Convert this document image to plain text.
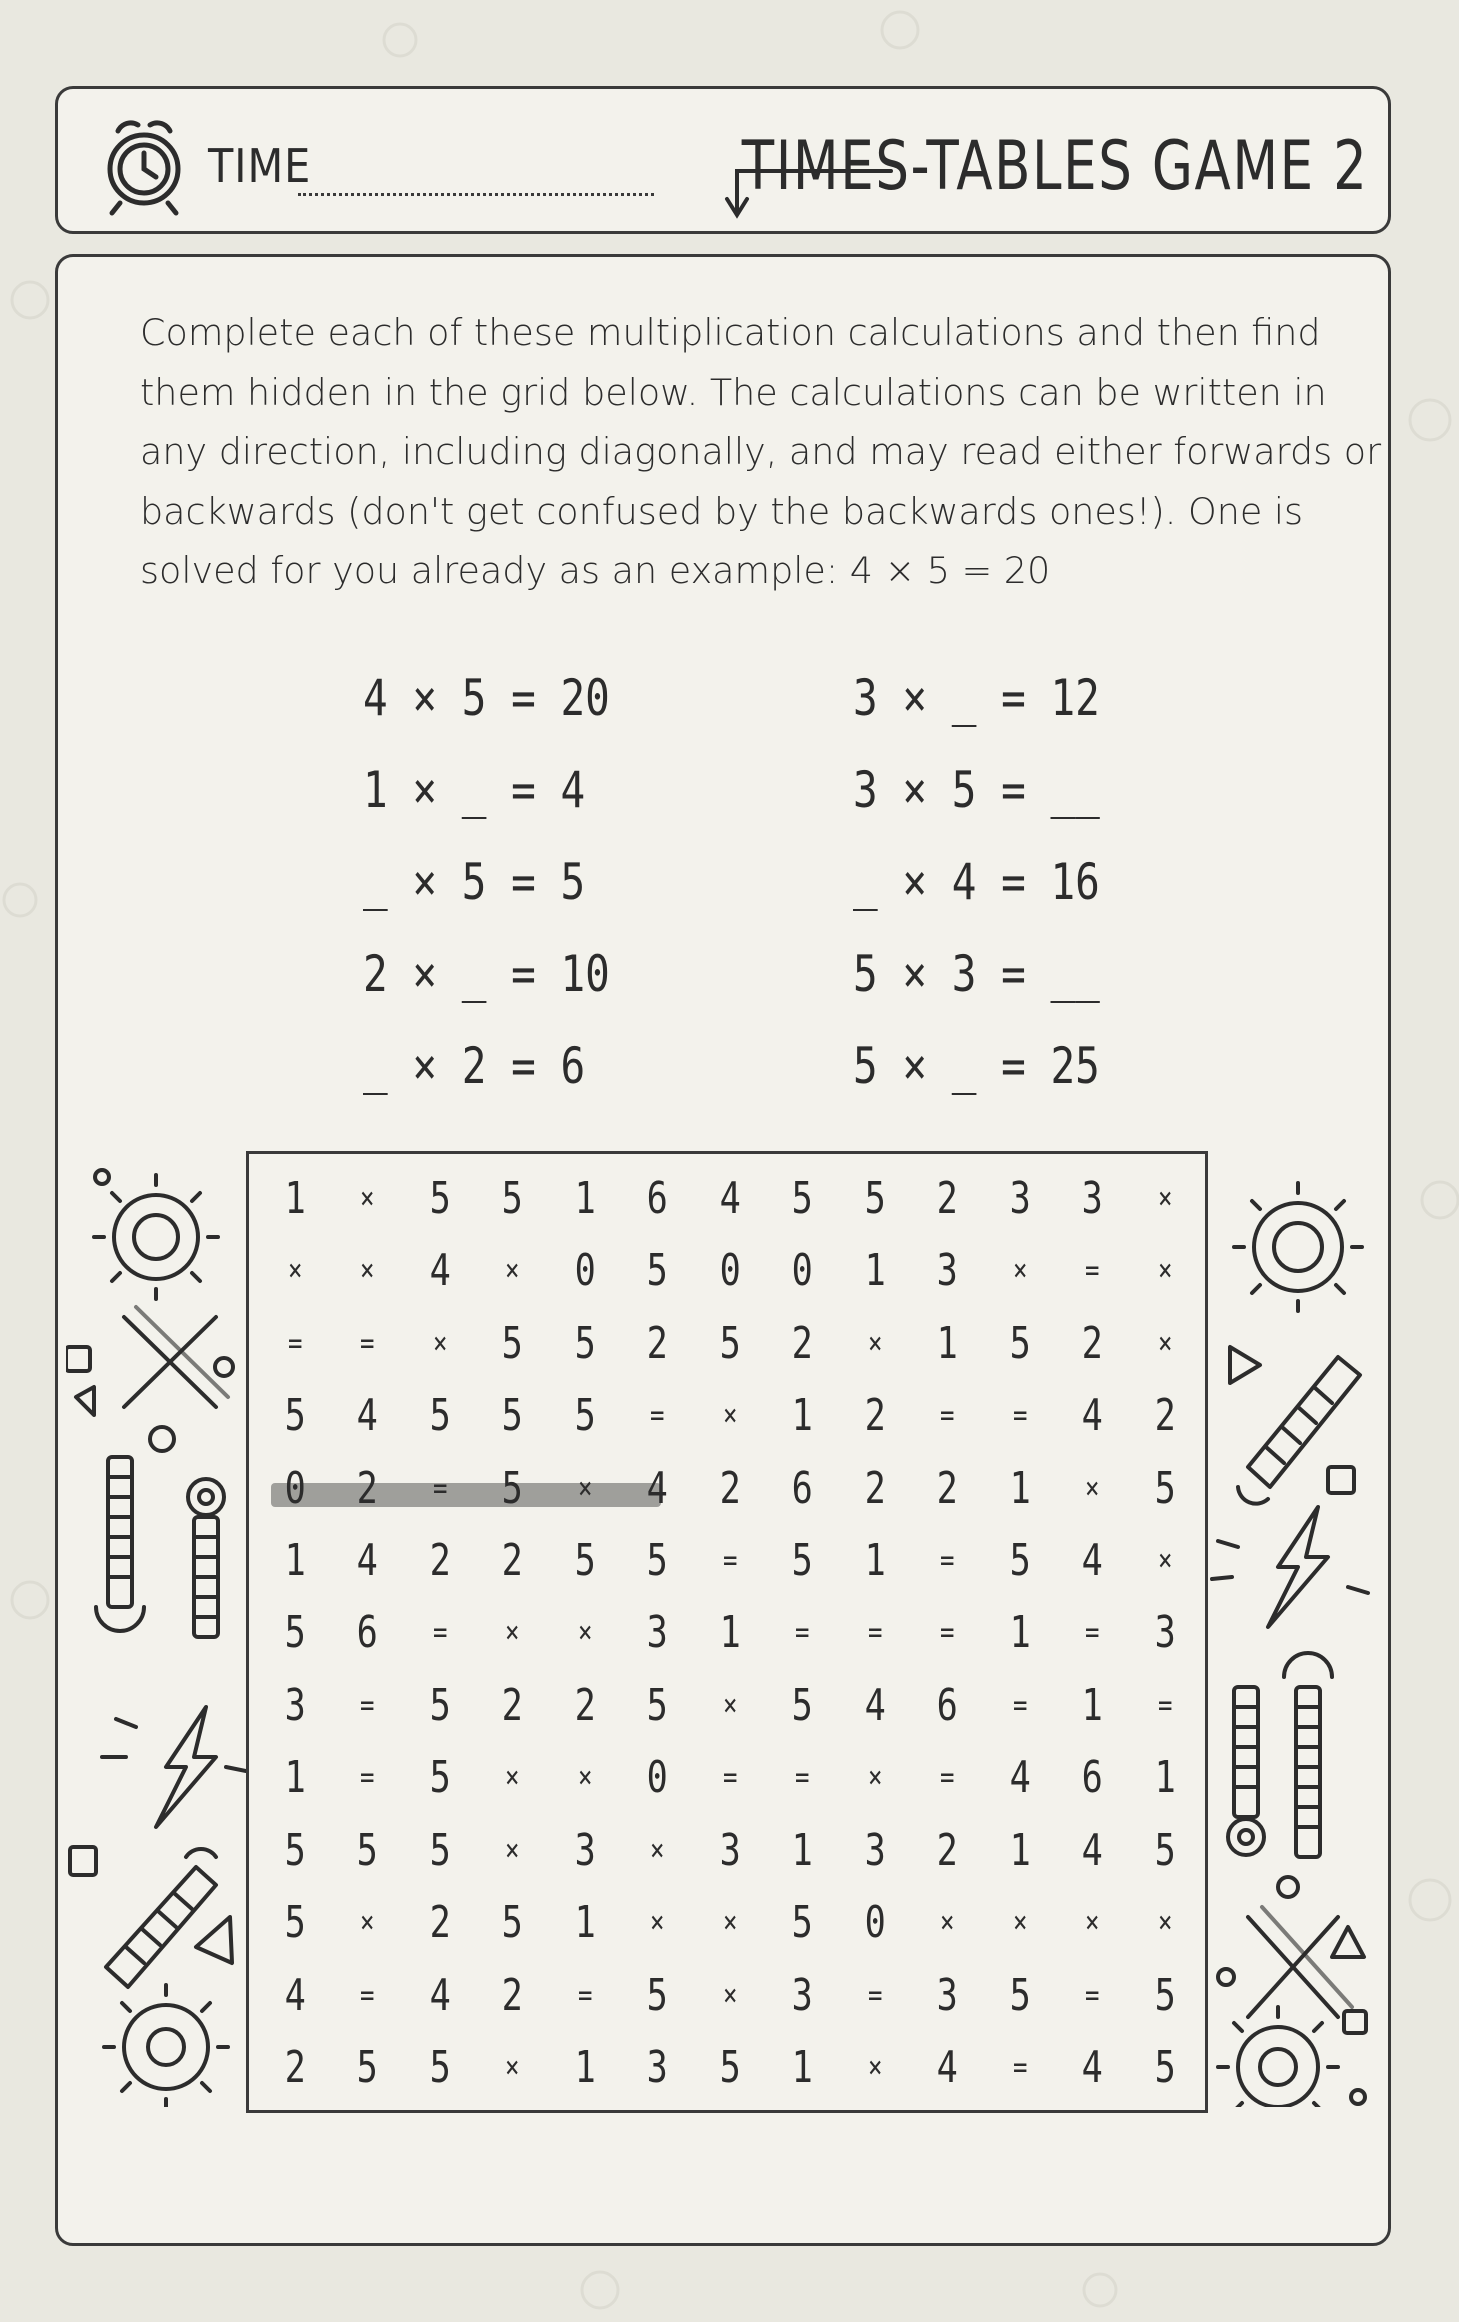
TIME	TIMES-TABLES GAME 2

Complete each of these multiplication calculations and then find them hidden in the grid below. The calculations can be written in any direction, including diagonally, and may read either forwards or backwards (don't get confused by the backwards ones!). One is solved for you already as an example: 4 × 5 = 20

4 × 5 = 20
1 × _ = 4
_ × 5 = 5
2 × _ = 10
_ × 2 = 6
3 × _ = 12
3 × 5 = __
_ × 4 = 16
5 × 3 = __
5 × _ = 25
1	×	5	5	1	6	4	5	5	2	3	3	×
×	×	4	×	0	5	0	0	1	3	×	=	×
=	=	×	5	5	2	5	2	×	1	5	2	×
5	4	5	5	5	=	×	1	2	=	=	4	2
0	2	=	5	×	4	2	6	2	2	1	×	5
1	4	2	2	5	5	=	5	1	=	5	4	×
5	6	=	×	×	3	1	=	=	=	1	=	3
3	=	5	2	2	5	×	5	4	6	=	1	=
1	=	5	×	×	0	=	=	×	=	4	6	1
5	5	5	×	3	×	3	1	3	2	1	4	5
5	×	2	5	1	×	×	5	0	×	×	×	×
4	=	4	2	=	5	×	3	=	3	5	=	5
2	5	5	×	1	3	5	1	×	4	=	4	5
